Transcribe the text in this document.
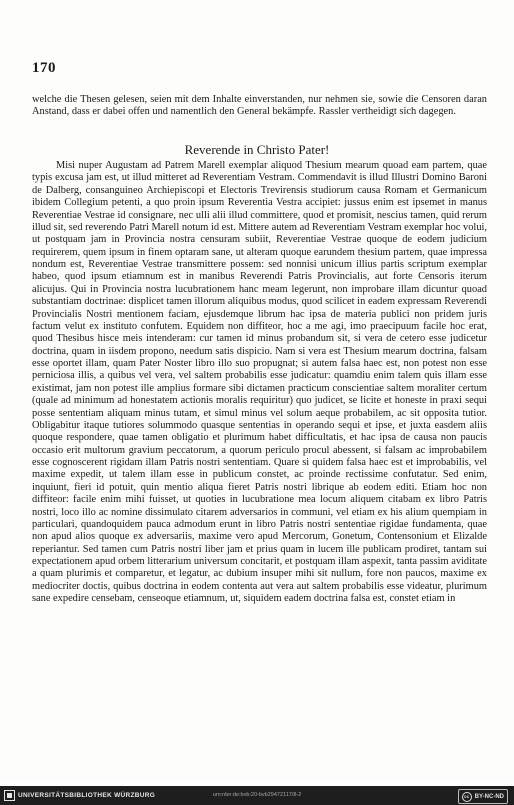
170
welche die Thesen gelesen, seien mit dem Inhalte einverstanden, nur nehmen sie, sowie die Censoren daran Anstand, dass er dabei offen und namentlich den General bekämpfe. Rassler vertheidigt sich dagegen.
Reverende in Christo Pater!

Misi nuper Augustam ad Patrem Marell exemplar aliquod Thesium mearum quoad eam partem, quae typis excusa jam est, ut illud mitteret ad Reverentiam Vestram. Commendavit is illud Illustri Domino Baroni de Dalberg, consanguineo Archiepiscopi et Electoris Trevirensis studiorum causa Romam et Germanicum ibidem Collegium petenti, a quo proin ipsum Reverentia Vestra accipiet: jussus enim est ipsemet in manus Reverentiae Vestrae id consignare, nec ulli alii illud committere, quod et promisit, nescius tamen, quid rerum illud sit, sed reverendo Patri Marell notum id est. Mittere autem ad Reverentiam Vestram exemplar hoc volui, ut postquam jam in Provincia nostra censuram subiit, Reverentiae Vestrae quoque de eodem judicium requirerem, quem ipsum in finem optaram sane, ut alteram quoque earundem thesium partem, quae impressa nondum est, Reverentiae Vestrae transmittere possem: sed nonnisi unicum illius partis scriptum exemplar habeo, quod ipsum etiamnum est in manibus Reverendi Patris Provincialis, aut forte Censoris iterum alicujus. Qui in Provincia nostra lucubrationem hanc meam legerunt, non improbare illam dicuntur quoad substantiam doctrinae: displicet tamen illorum aliquibus modus, quod scilicet in eadem expressam Reverendi Provincialis Nostri mentionem faciam, ejusdemque librum hac ipsa de materia publici non pridem juris factum velut ex instituto confutem. Equidem non diffiteor, hoc a me agi, imo praecipuum facile hoc erat, quod Thesibus hisce meis intenderam: cur tamen id minus probandum sit, si vera de cetero esse judicetur doctrina, quam in iisdem propono, needum satis dispicio. Nam si vera est Thesium mearum doctrina, falsam esse oportet illam, quam Pater Noster libro illo suo propugnat; si autem falsa haec est, non potest non esse perniciosa illis, a quibus vel vera, vel saltem probabilis esse judicatur: quamdiu enim talem quis illam esse existimat, jam non potest ille amplius formare sibi dictamen practicum conscientiae saltem moraliter certum (quale ad minimum ad honestatem actionis moralis requiritur) quo judicet, se licite et honeste in praxi sequi posse sententiam aliquam minus tutam, et simul minus vel solum aeque probabilem, ac sit opposita tutior. Obligabitur itaque tutiores solummodo quasque sententias in operando sequi et ipse, et juxta easdem aliis quoque respondere, quae tamen obligatio et plurimum habet difficultatis, et hac ipsa de causa non paucis occasio erit multorum gravium peccatorum, a quorum periculo procul abessent, si falsam ac improbabilem esse cognoscerent rigidam illam Patris nostri sententiam. Quare si quidem falsa haec est et improbabilis, vel maxime expedit, ut talem illam esse in publicum constet, ac proinde rectissime confutatur. Sed enim, inquiunt, fieri id potuit, quin mentio aliqua fieret Patris nostri librique ab eodem editi. Etiam hoc non diffiteor: facile enim mihi fuisset, ut quoties in lucubratione mea locum aliquem citabam ex libro Patris nostri, loco illo ac nomine dissimulato citarem adversarios in communi, vel etiam ex his alium quempiam in particulari, quandoquidem pauca admodum erunt in libro Patris nostri sententiae rigidae fundamenta, quae non apud alios quoque ex adversariis, maxime vero apud Mercorum, Gonetum, Contensonium et Elizalde reperiantur. Sed tamen cum Patris nostri liber jam et prius quam in lucem ille publicam prodiret, tantam sui expectationem apud orbem litterarium universum concitarit, et postquam illam aspexit, tanta passim aviditate a quam plurimis et comparetur, et legatur, ac dubium insuper mihi sit nullum, fore non paucos, maxime ex mediocriter doctis, quibus doctrina in eodem contenta aut vera aut saltem probabilis esse videatur, plurimum sane expedire censebam, censeoque etiamnum, ut, siquidem eadem doctrina falsa est, constet etiam in

UNIVERSITÄTSBIBLIOTHEK WÜRZBURG	urn:nbn:de:bvb:20-bvb29472117/8-2	cc BY-NC-ND
